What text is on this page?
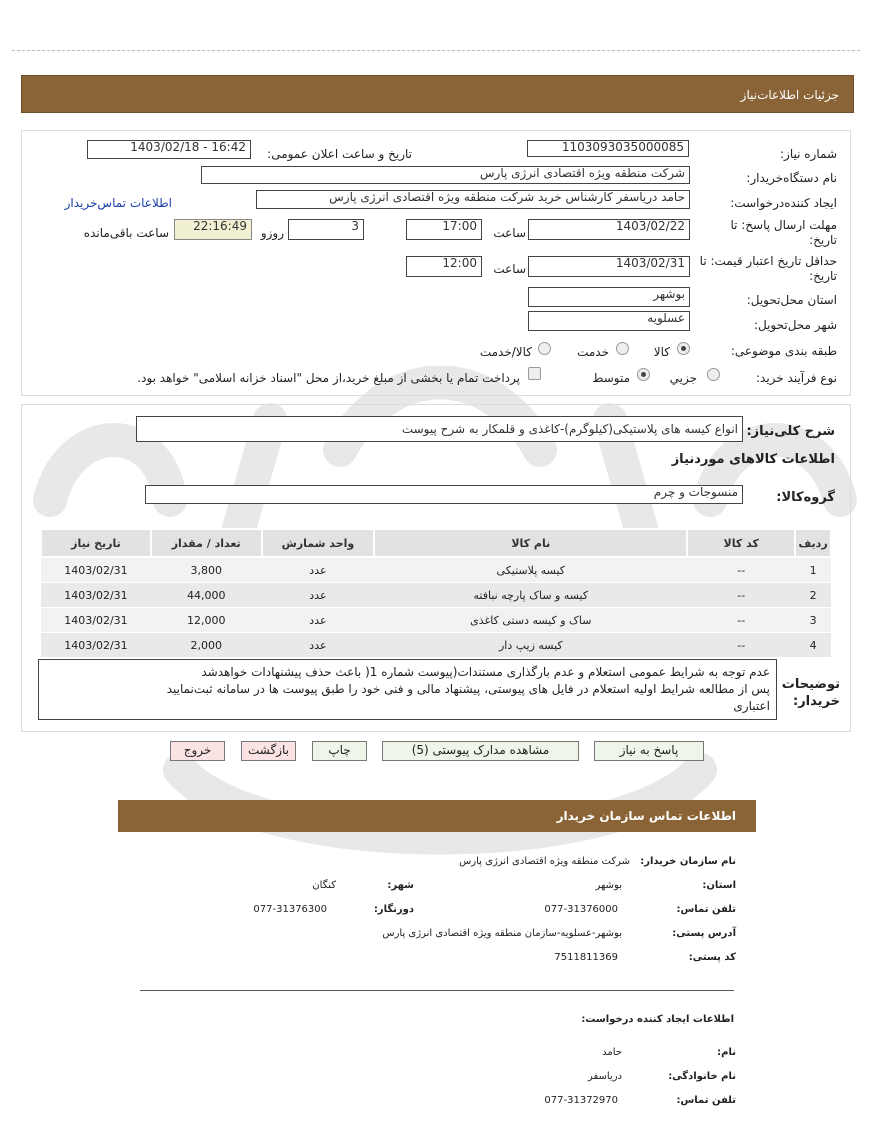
جزئیات اطلاعات‌نیاز
شماره نیاز:
1103093035000085
تاریخ و ساعت اعلان عمومی:
1403/02/18 - 16:42
نام دستگاه‌خریدار:
شرکت منطقه ویژه اقتصادی انرژی پارس
ایجاد کننده‌درخواست:
حامد دریاسفر کارشناس خرید شرکت منطقه ویژه اقتصادی انرژی پارس
اطلاعات تماس‌خریدار
مهلت ارسال پاسخ: تا تاریخ:
1403/02/22
ساعت
17:00
3
روزو
22:16:49
ساعت باقی‌مانده
حداقل تاریخ اعتبار قیمت: تا تاریخ:
1403/02/31
ساعت
12:00
استان محل‌تحویل:
بوشهر
شهر محل‌تحویل:
عسلویه
طبقه بندی موضوعی:
کالا
خدمت
کالا/خدمت
نوع فرآیند خرید:
جزیي
متوسط
پرداخت تمام یا بخشی از مبلغ خرید،از محل "اسناد خزانه اسلامی" خواهد بود.
شرح کلی‌نیاز:
انواع کیسه های پلاستیکی(کیلوگرم)-کاغذی و قلمکار به شرح پیوست
اطلاعات کالاهای مورد‌نیاز
گروه‌کالا:
منسوجات و چرم
ردیف	کد کالا	نام کالا	واحد شمارش	تعداد / مقدار	تاریخ نیاز
1	--	کیسه پلاستیکی	عدد	3,800	1403/02/31
2	--	کیسه و ساک پارچه نبافته	عدد	44,000	1403/02/31
3	--	ساک و کیسه دستی کاغذی	عدد	12,000	1403/02/31
4	--	کیسه زیپ دار	عدد	2,000	1403/02/31
توضیحات خریدار:
عدم توجه به شرایط عمومی استعلام و عدم بارگذاری مستندات(پیوست شماره 1( باعث حذف پیشنهادات خواهدشد
پس از مطالعه شرایط اولیه استعلام در فایل های پیوستی، پیشنهاد مالی و فنی خود را طبق پیوست ها در سامانه ثبت‌نمایید
اعتباری
پاسخ به نیاز
مشاهده مدارک پیوستی (5)
چاپ
بازگشت
خروج
اطلاعات تماس سازمان خریدار
نام سازمان خریدار:
شرکت منطقه ویژه اقتصادی انرژی پارس
استان:
بوشهر
شهر:
کنگان
تلفن تماس:
077-31376000
دورنگار:
077-31376300
آدرس پستی:
بوشهر-عسلویه-سازمان منطقه ویژه اقتصادی انرژی پارس
کد پستی:
7511811369
اطلاعات ایجاد کننده درخواست:
نام:
حامد
نام خانوادگی:
دریاسفر
تلفن تماس:
077-31372970
